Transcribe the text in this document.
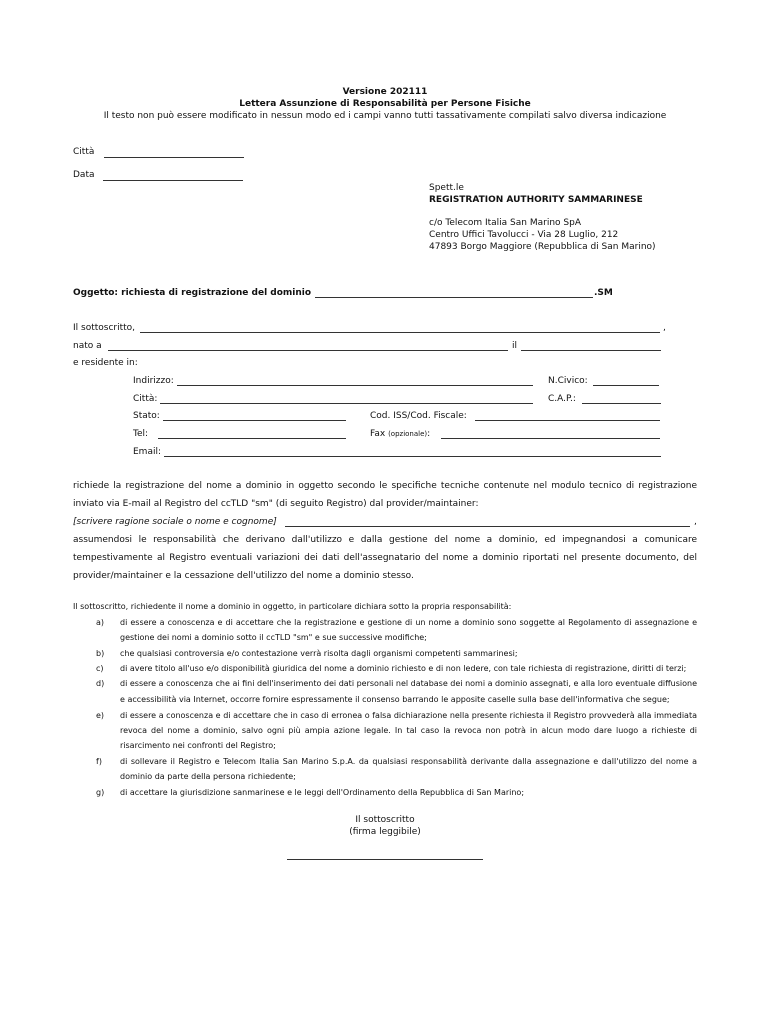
Versione 202111
Lettera Assunzione di Responsabilità per Persone Fisiche
Il testo non può essere modificato in nessun modo ed i campi vanno tutti tassativamente compilati salvo diversa indicazione
Città
Data
Spett.le
REGISTRATION AUTHORITY SAMMARINESE
c/o Telecom Italia San Marino SpA
Centro Uffici Tavolucci - Via 28 Luglio, 212
47893 Borgo Maggiore (Repubblica di San Marino)
Oggetto: richiesta di registrazione del dominio	.SM
Il sottoscritto,	,
nato a	il
e residente in:
Indirizzo:	N.Civico:
Città:	C.A.P.:
Stato:	Cod. ISS/Cod. Fiscale:
Tel:	Fax (opzionale):
Email:
richiede la registrazione del nome a dominio in oggetto secondo le specifiche tecniche contenute nel modulo tecnico di registrazione
inviato via E-mail al Registro del ccTLD "sm" (di seguito Registro) dal provider/maintainer:
[scrivere ragione sociale o nome e cognome]	,
assumendosi le responsabilità che derivano dall'utilizzo e dalla gestione del nome a dominio, ed impegnandosi a comunicare
tempestivamente al Registro eventuali variazioni dei dati dell'assegnatario del nome a dominio riportati nel presente documento, del
provider/maintainer e la cessazione dell'utilizzo del nome a dominio stesso.
Il sottoscritto, richiedente il nome a dominio in oggetto, in particolare dichiara sotto la propria responsabilità:
a) di essere a conoscenza e di accettare che la registrazione e gestione di un nome a dominio sono soggette al Regolamento di assegnazione e
gestione dei nomi a dominio sotto il ccTLD "sm" e sue successive modifiche;
b) che qualsiasi controversia e/o contestazione verrà risolta dagli organismi competenti sammarinesi;
c) di avere titolo all'uso e/o disponibilità giuridica del nome a dominio richiesto e di non ledere, con tale richiesta di registrazione, diritti di terzi;
d) di essere a conoscenza che ai fini dell'inserimento dei dati personali nel database dei nomi a dominio assegnati, e alla loro eventuale diffusione
e accessibilità via Internet, occorre fornire espressamente il consenso barrando le apposite caselle sulla base dell'informativa che segue;
e) di essere a conoscenza e di accettare che in caso di erronea o falsa dichiarazione nella presente richiesta il Registro provvederà alla immediata
revoca del nome a dominio, salvo ogni più ampia azione legale. In tal caso la revoca non potrà in alcun modo dare luogo a richieste di
risarcimento nei confronti del Registro;
f) di sollevare il Registro e Telecom Italia San Marino S.p.A. da qualsiasi responsabilità derivante dalla assegnazione e dall'utilizzo del nome a
dominio da parte della persona richiedente;
g) di accettare la giurisdizione sanmarinese e le leggi dell'Ordinamento della Repubblica di San Marino;
Il sottoscritto
(firma leggibile)
